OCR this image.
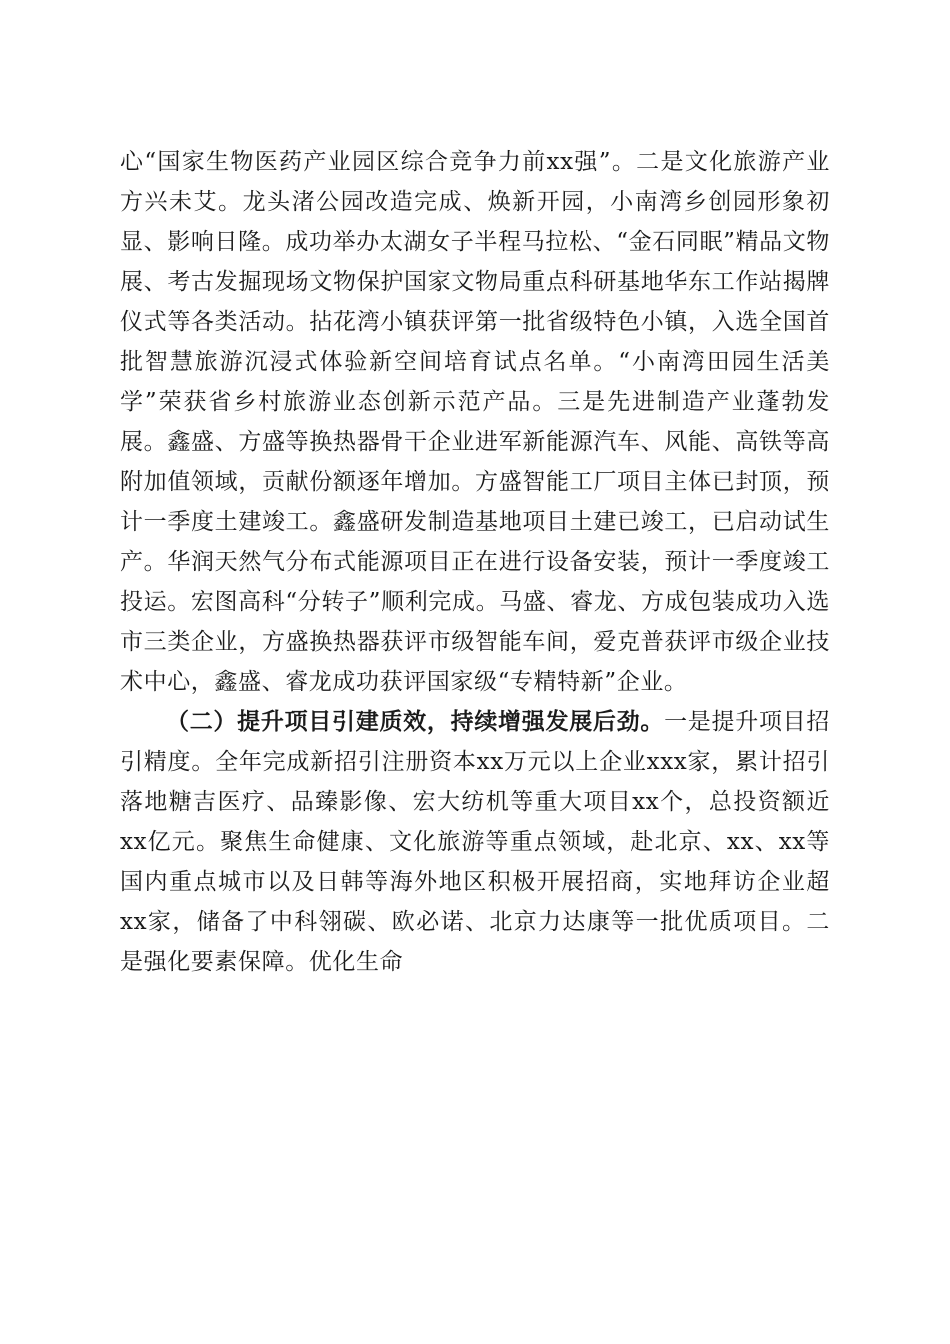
心“国家生物医药产业园区综合竞争力前xx强”。二是文化旅游产业方兴未艾。龙头渚公园改造完成、焕新开园，小南湾乡创园形象初显、影响日隆。成功举办太湖女子半程马拉松、“金石同眠”精品文物展、考古发掘现场文物保护国家文物局重点科研基地华东工作站揭牌仪式等各类活动。拈花湾小镇获评第一批省级特色小镇，入选全国首批智慧旅游沉浸式体验新空间培育试点名单。“小南湾田园生活美学”荣获省乡村旅游业态创新示范产品。三是先进制造产业蓬勃发展。鑫盛、方盛等换热器骨干企业进军新能源汽车、风能、高铁等高附加值领域，贡献份额逐年增加。方盛智能工厂项目主体已封顶，预计一季度土建竣工。鑫盛研发制造基地项目土建已竣工，已启动试生产。华润天然气分布式能源项目正在进行设备安装，预计一季度竣工投运。宏图高科“分转子”顺利完成。马盛、睿龙、方成包装成功入选市三类企业，方盛换热器获评市级智能车间，爱克普获评市级企业技术中心，鑫盛、睿龙成功获评国家级“专精特新”企业。

（二）提升项目引建质效，持续增强发展后劲。一是提升项目招引精度。全年完成新招引注册资本xx万元以上企业xxx家，累计招引落地糖吉医疗、品臻影像、宏大纺机等重大项目xx个，总投资额近xx亿元。聚焦生命健康、文化旅游等重点领域，赴北京、xx、xx等国内重点城市以及日韩等海外地区积极开展招商，实地拜访企业超xx家，储备了中科翎碳、欧必诺、北京力达康等一批优质项目。二是强化要素保障。优化生命
